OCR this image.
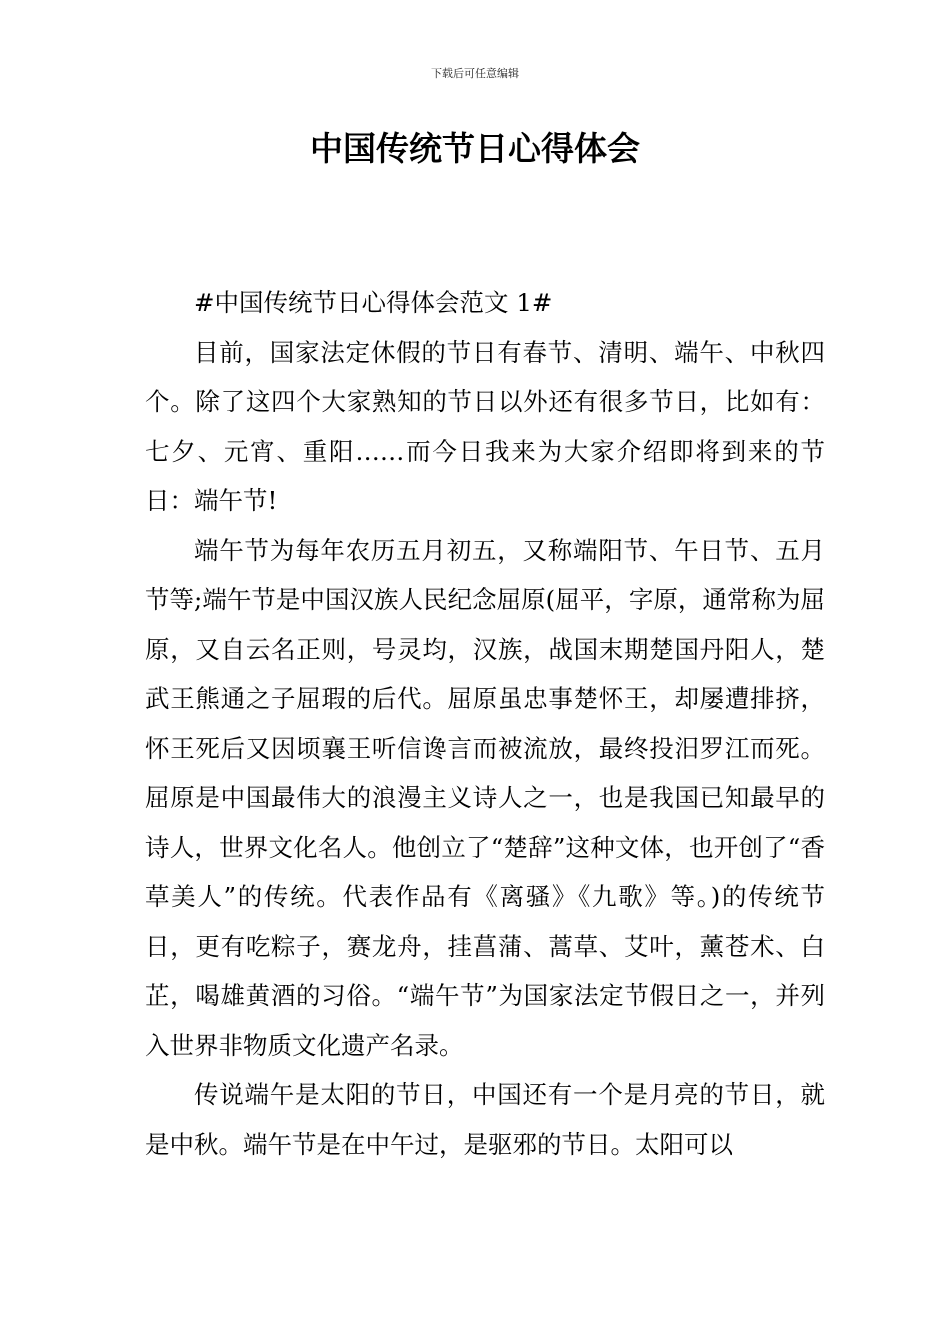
下载后可任意编辑
中国传统节日心得体会

#中国传统节日心得体会范文 1#

目前，国家法定休假的节日有春节、清明、端午、中秋四个。除了这四个大家熟知的节日以外还有很多节日，比如有：七夕、元宵、重阳……而今日我来为大家介绍即将到来的节日：端午节!

端午节为每年农历五月初五，又称端阳节、午日节、五月节等;端午节是中国汉族人民纪念屈原(屈平，字原，通常称为屈原，又自云名正则，号灵均，汉族，战国末期楚国丹阳人，楚武王熊通之子屈瑕的后代。屈原虽忠事楚怀王，却屡遭排挤，怀王死后又因顷襄王听信谗言而被流放，最终投汨罗江而死。屈原是中国最伟大的浪漫主义诗人之一，也是我国已知最早的诗人，世界文化名人。他创立了“楚辞”这种文体，也开创了“香草美人”的传统。代表作品有《离骚》《九歌》等。)的传统节日，更有吃粽子，赛龙舟，挂菖蒲、蒿草、艾叶，薰苍术、白芷，喝雄黄酒的习俗。“端午节”为国家法定节假日之一，并列入世界非物质文化遗产名录。

传说端午是太阳的节日，中国还有一个是月亮的节日，就是中秋。端午节是在中午过，是驱邪的节日。太阳可以
